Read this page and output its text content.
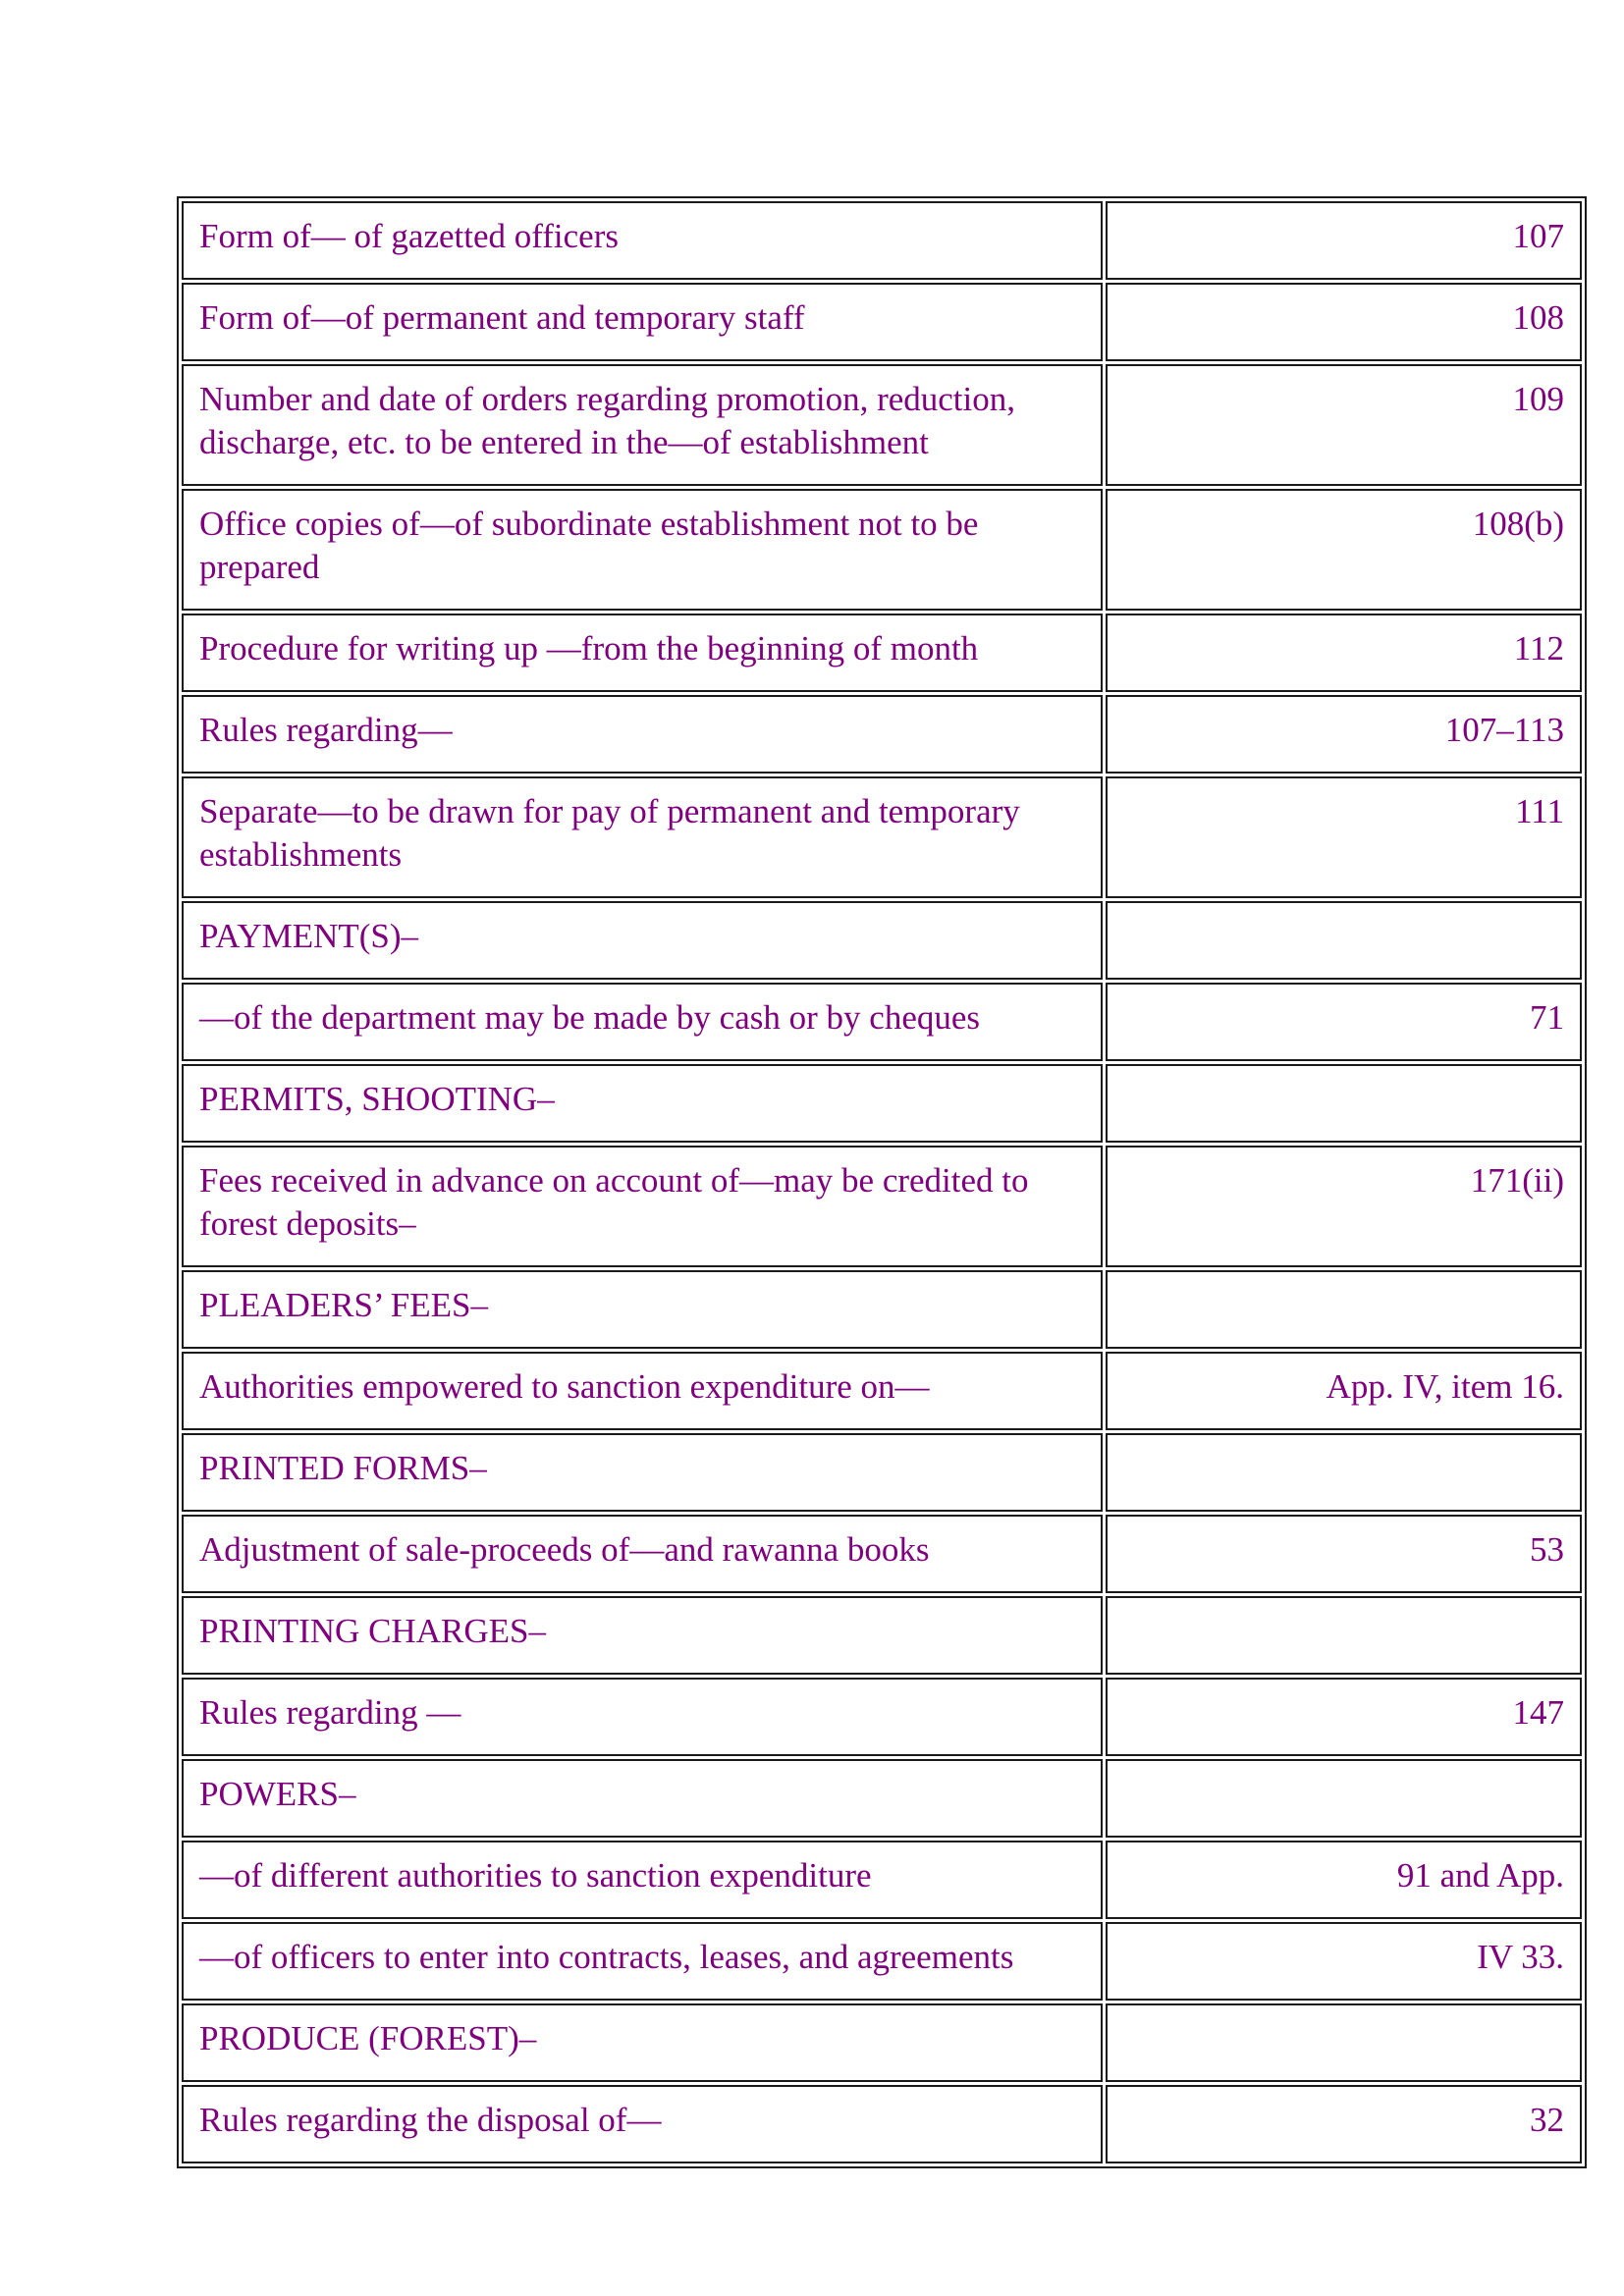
Form of— of gazetted officers	107
Form of—of permanent and temporary staff	108
Number and date of orders regarding promotion, reduction, discharge, etc. to be entered in the—of establishment	109
Office copies of—of subordinate establishment not to be prepared	108(b)
Procedure for writing up —from the beginning of month	112
Rules regarding—	107–113
Separate—to be drawn for pay of permanent and temporary establishments	111
PAYMENT(S)–	
—of the department may be made by cash or by cheques	71
PERMITS, SHOOTING–	
Fees received in advance on account of—may be credited to forest deposits–	171(ii)
PLEADERS’ FEES–	
Authorities empowered to sanction expenditure on—	App. IV, item 16.
PRINTED FORMS–	
Adjustment of sale-proceeds of—and rawanna books	53
PRINTING CHARGES–	
Rules regarding —	147
POWERS–	
—of different authorities to sanction expenditure	91 and App.
—of officers to enter into contracts, leases, and agreements	IV 33.
PRODUCE (FOREST)–	
Rules regarding the disposal of—	32
